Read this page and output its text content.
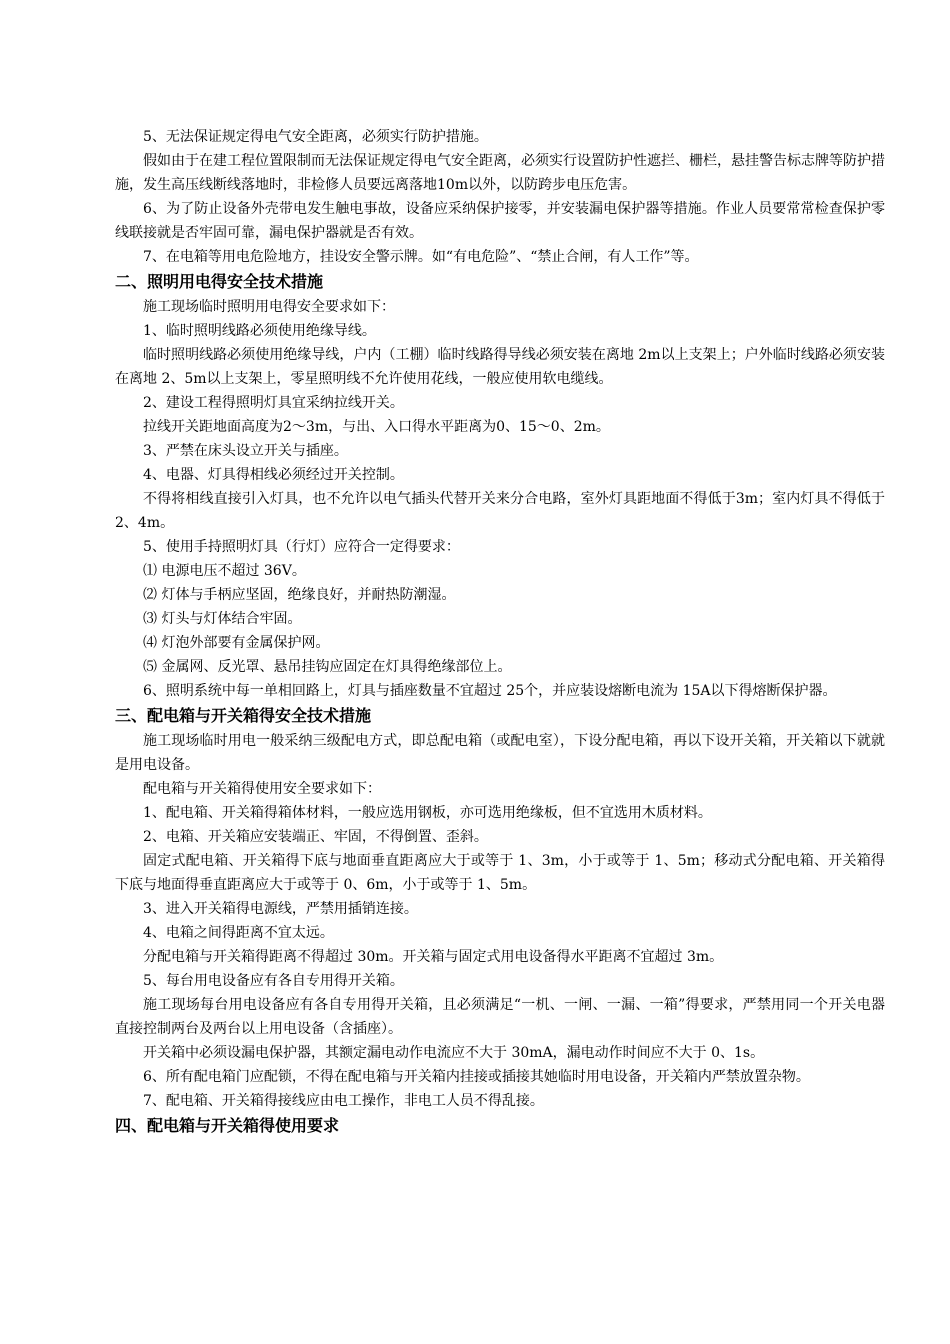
5、无法保证规定得电气安全距离，必须实行防护措施。

假如由于在建工程位置限制而无法保证规定得电气安全距离，必须实行设置防护性遮拦、栅栏，悬挂警告标志牌等防护措施，发生高压线断线落地时，非检修人员要远离落地10m以外，以防跨步电压危害。

6、为了防止设备外壳带电发生触电事故，设备应采纳保护接零，并安装漏电保护器等措施。作业人员要常常检查保护零线联接就是否牢固可靠，漏电保护器就是否有效。

7、在电箱等用电危险地方，挂设安全警示牌。如“有电危险”、“禁止合闸，有人工作”等。

二、照明用电得安全技术措施

施工现场临时照明用电得安全要求如下：

1、临时照明线路必须使用绝缘导线。

临时照明线路必须使用绝缘导线，户内（工棚）临时线路得导线必须安装在离地 2m以上支架上；户外临时线路必须安装在离地 2、5m以上支架上，零星照明线不允许使用花线，一般应使用软电缆线。

2、建设工程得照明灯具宜采纳拉线开关。

拉线开关距地面高度为2～3m，与出、入口得水平距离为0、15～0、2m。

3、严禁在床头设立开关与插座。

4、电器、灯具得相线必须经过开关控制。

不得将相线直接引入灯具，也不允许以电气插头代替开关来分合电路，室外灯具距地面不得低于3m；室内灯具不得低于 2、4m。

5、使用手持照明灯具（行灯）应符合一定得要求：

⑴ 电源电压不超过 36V。

⑵ 灯体与手柄应坚固，绝缘良好，并耐热防潮湿。

⑶ 灯头与灯体结合牢固。

⑷ 灯泡外部要有金属保护网。

⑸ 金属网、反光罩、悬吊挂钩应固定在灯具得绝缘部位上。

6、照明系统中每一单相回路上，灯具与插座数量不宜超过 25个，并应装设熔断电流为 15A以下得熔断保护器。

三、配电箱与开关箱得安全技术措施

施工现场临时用电一般采纳三级配电方式，即总配电箱（或配电室），下设分配电箱，再以下设开关箱，开关箱以下就就是用电设备。

配电箱与开关箱得使用安全要求如下：

1、配电箱、开关箱得箱体材料，一般应选用钢板，亦可选用绝缘板，但不宜选用木质材料。

2、电箱、开关箱应安装端正、牢固，不得倒置、歪斜。

固定式配电箱、开关箱得下底与地面垂直距离应大于或等于 1、3m，小于或等于 1、5m；移动式分配电箱、开关箱得下底与地面得垂直距离应大于或等于 0、6m，小于或等于 1、5m。

3、进入开关箱得电源线，严禁用插销连接。

4、电箱之间得距离不宜太远。

分配电箱与开关箱得距离不得超过 30m。开关箱与固定式用电设备得水平距离不宜超过 3m。

5、每台用电设备应有各自专用得开关箱。

施工现场每台用电设备应有各自专用得开关箱，且必须满足“一机、一闸、一漏、一箱”得要求，严禁用同一个开关电器直接控制两台及两台以上用电设备（含插座）。

开关箱中必须设漏电保护器，其额定漏电动作电流应不大于 30mA，漏电动作时间应不大于 0、1s。

6、所有配电箱门应配锁，不得在配电箱与开关箱内挂接或插接其她临时用电设备，开关箱内严禁放置杂物。

7、配电箱、开关箱得接线应由电工操作，非电工人员不得乱接。

四、配电箱与开关箱得使用要求
